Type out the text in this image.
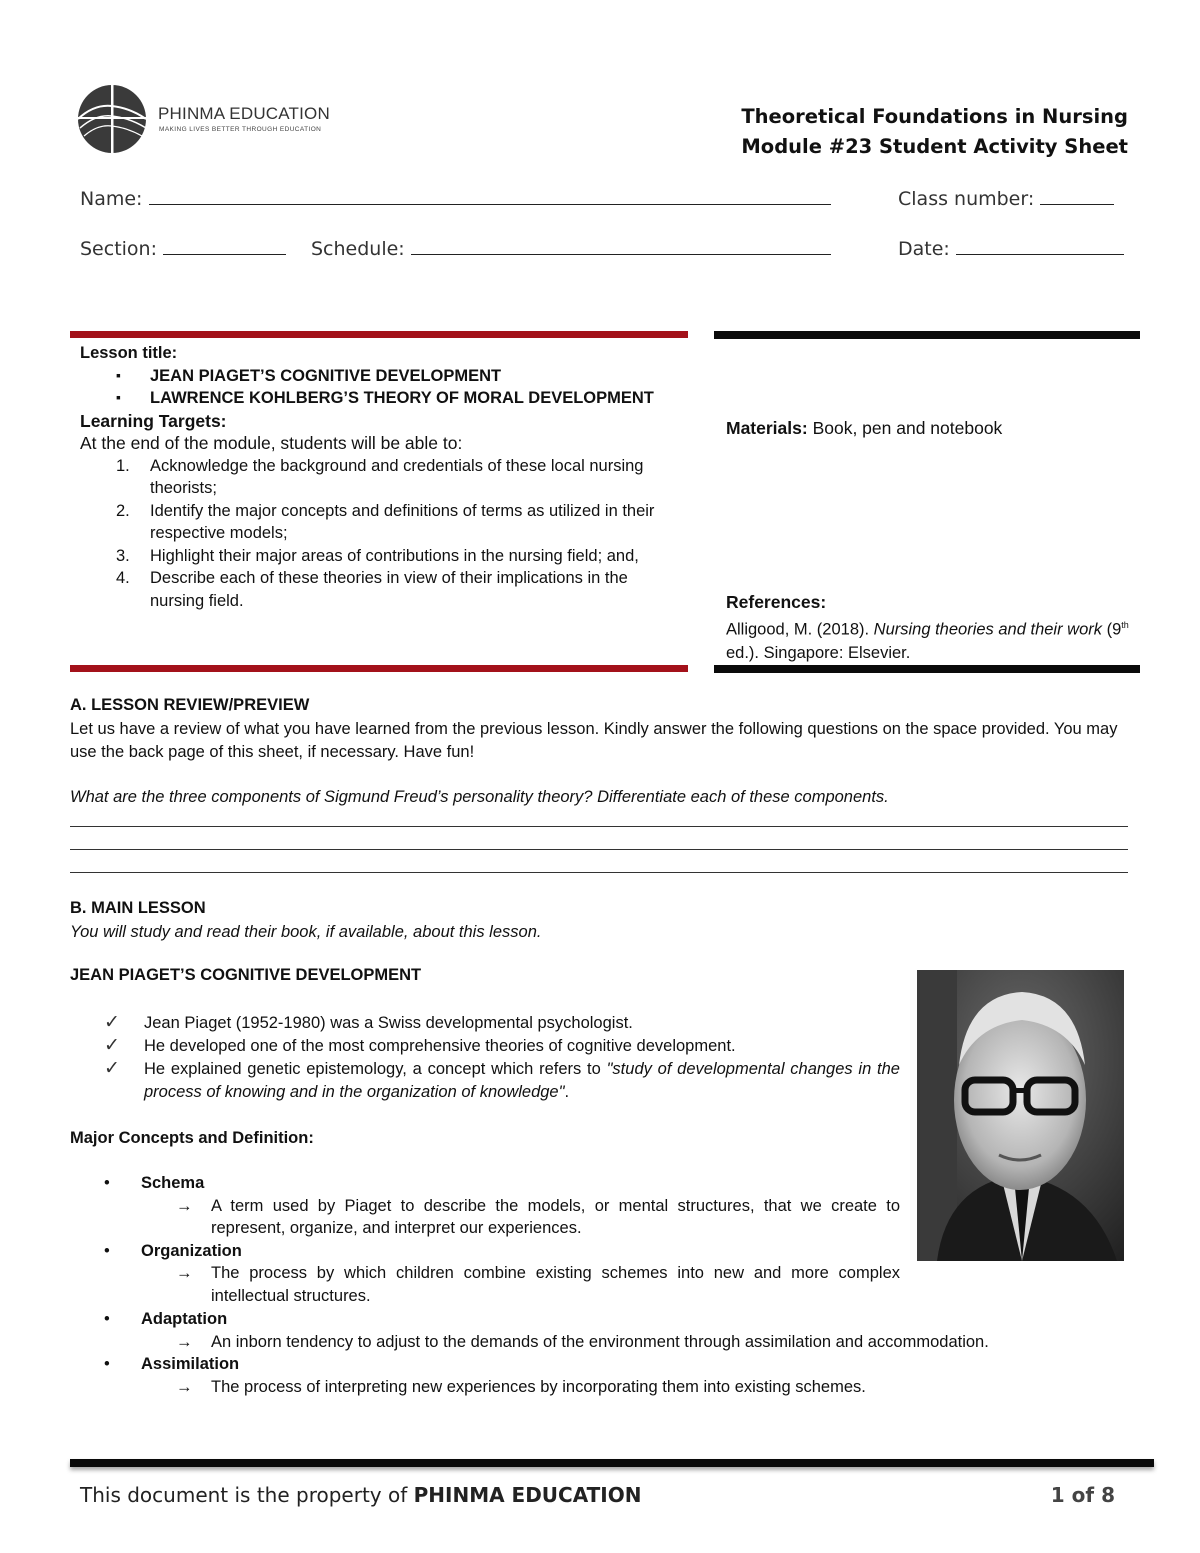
PHINMA EDUCATION
MAKING LIVES BETTER THROUGH EDUCATION
Theoretical Foundations in Nursing
Module #23 Student Activity Sheet
Name:	Class number:
Section:	Schedule:	Date:
Lesson title:
▪ JEAN PIAGET’S COGNITIVE DEVELOPMENT
▪ LAWRENCE KOHLBERG’S THEORY OF MORAL DEVELOPMENT
Learning Targets:
At the end of the module, students will be able to:
1. Acknowledge the background and credentials of these local nursing theorists;
2. Identify the major concepts and definitions of terms as utilized in their respective models;
3. Highlight their major areas of contributions in the nursing field; and,
4. Describe each of these theories in view of their implications in the nursing field.
Materials: Book, pen and notebook
References:
Alligood, M. (2018). Nursing theories and their work (9th ed.). Singapore: Elsevier.
A. LESSON REVIEW/PREVIEW
Let us have a review of what you have learned from the previous lesson. Kindly answer the following questions on the space provided. You may use the back page of this sheet, if necessary. Have fun!
What are the three components of Sigmund Freud’s personality theory? Differentiate each of these components.
B. MAIN LESSON
You will study and read their book, if available, about this lesson.
JEAN PIAGET’S COGNITIVE DEVELOPMENT
✓ Jean Piaget (1952-1980) was a Swiss developmental psychologist.
✓ He developed one of the most comprehensive theories of cognitive development.
✓ He explained genetic epistemology, a concept which refers to "study of developmental changes in the process of knowing and in the organization of knowledge".
Major Concepts and Definition:
• Schema
→ A term used by Piaget to describe the models, or mental structures, that we create to represent, organize, and interpret our experiences.
• Organization
→ The process by which children combine existing schemes into new and more complex intellectual structures.
• Adaptation
→ An inborn tendency to adjust to the demands of the environment through assimilation and accommodation.
• Assimilation
→ The process of interpreting new experiences by incorporating them into existing schemes.
This document is the property of PHINMA EDUCATION	1 of 8
